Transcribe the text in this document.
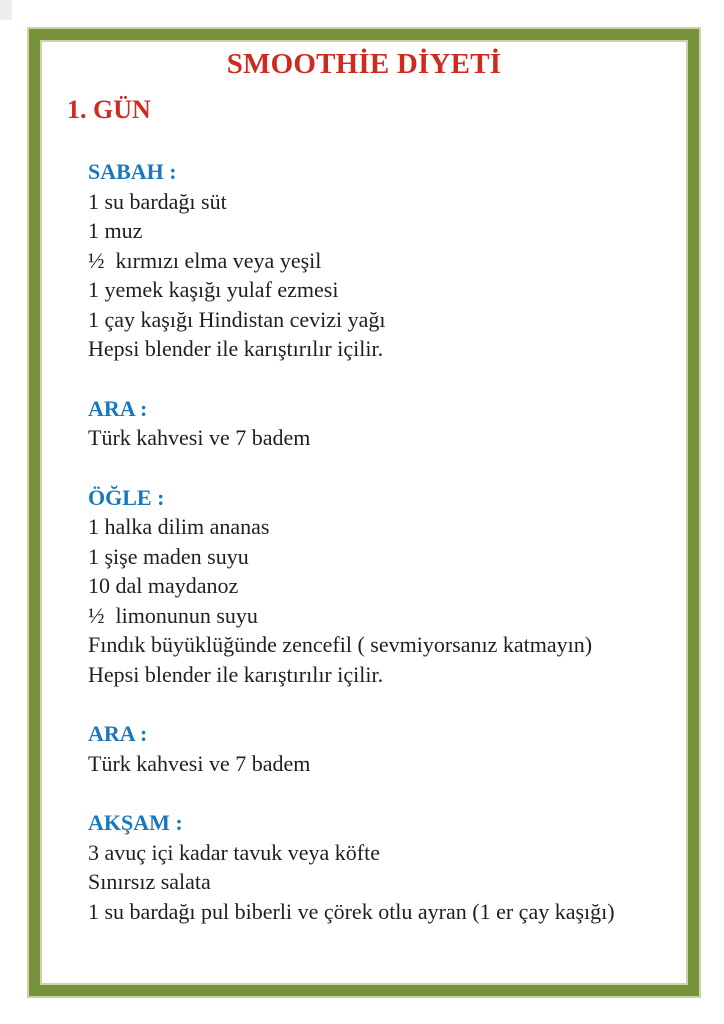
SMOOTHİE DİYETİ
1. GÜN
SABAH :
1 su bardağı süt
1 muz
½  kırmızı elma veya yeşil
1 yemek kaşığı yulaf ezmesi
1 çay kaşığı Hindistan cevizi yağı
Hepsi blender ile karıştırılır içilir.
ARA :
Türk kahvesi ve 7 badem
ÖĞLE :
1 halka dilim ananas
1 şişe maden suyu
10 dal maydanoz
½  limonunun suyu
Fındık büyüklüğünde zencefil ( sevmiyorsanız katmayın)
Hepsi blender ile karıştırılır içilir.
ARA :
Türk kahvesi ve 7 badem
AKŞAM :
3 avuç içi kadar tavuk veya köfte
Sınırsız salata
1 su bardağı pul biberli ve çörek otlu ayran (1 er çay kaşığı)
